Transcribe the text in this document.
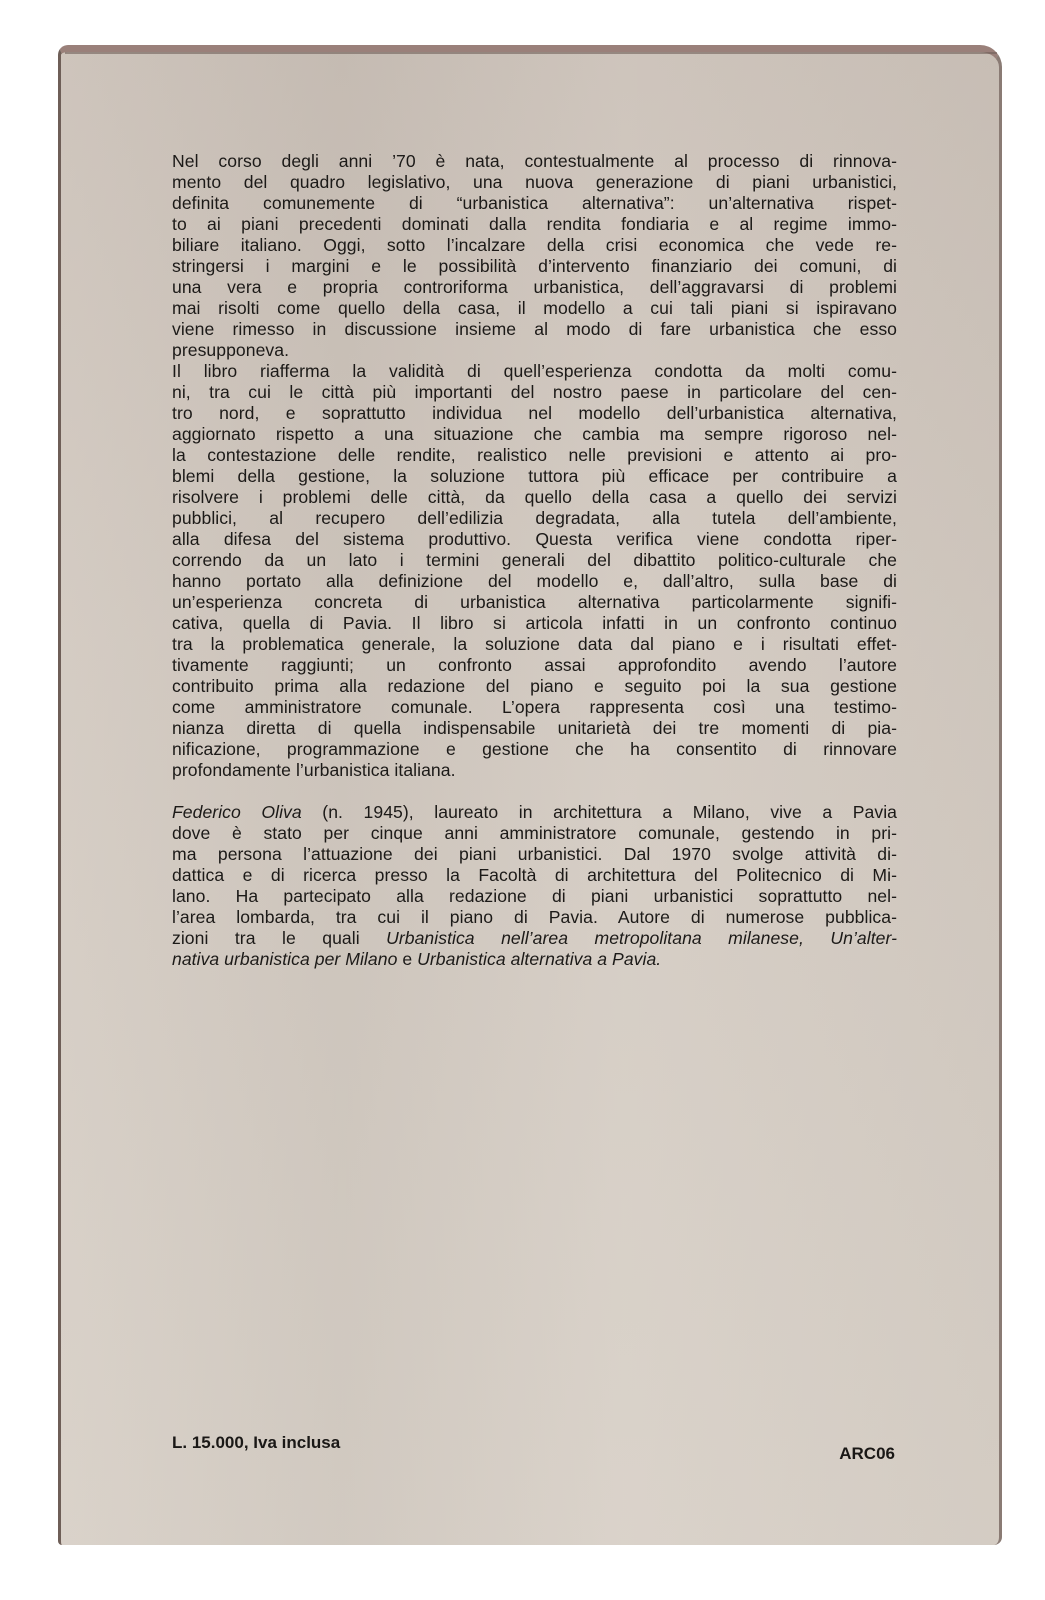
Nel corso degli anni ’70 è nata, contestualmente al processo di rinnova-
mento del quadro legislativo, una nuova generazione di piani urbanistici,
definita comunemente di “urbanistica alternativa”: un’alternativa rispet-
to ai piani precedenti dominati dalla rendita fondiaria e al regime immo-
biliare italiano. Oggi, sotto l’incalzare della crisi economica che vede re-
stringersi i margini e le possibilità d’intervento finanziario dei comuni, di
una vera e propria controriforma urbanistica, dell’aggravarsi di problemi
mai risolti come quello della casa, il modello a cui tali piani si ispiravano
viene rimesso in discussione insieme al modo di fare urbanistica che esso
presupponeva.
Il libro riafferma la validità di quell’esperienza condotta da molti comu-
ni, tra cui le città più importanti del nostro paese in particolare del cen-
tro nord, e soprattutto individua nel modello dell’urbanistica alternativa,
aggiornato rispetto a una situazione che cambia ma sempre rigoroso nel-
la contestazione delle rendite, realistico nelle previsioni e attento ai pro-
blemi della gestione, la soluzione tuttora più efficace per contribuire a
risolvere i problemi delle città, da quello della casa a quello dei servizi
pubblici, al recupero dell’edilizia degradata, alla tutela dell’ambiente,
alla difesa del sistema produttivo. Questa verifica viene condotta riper-
correndo da un lato i termini generali del dibattito politico-culturale che
hanno portato alla definizione del modello e, dall’altro, sulla base di
un’esperienza concreta di urbanistica alternativa particolarmente signifi-
cativa, quella di Pavia. Il libro si articola infatti in un confronto continuo
tra la problematica generale, la soluzione data dal piano e i risultati effet-
tivamente raggiunti; un confronto assai approfondito avendo l’autore
contribuito prima alla redazione del piano e seguito poi la sua gestione
come amministratore comunale. L’opera rappresenta così una testimo-
nianza diretta di quella indispensabile unitarietà dei tre momenti di pia-
nificazione, programmazione e gestione che ha consentito di rinnovare
profondamente l’urbanistica italiana.
Federico Oliva (n. 1945), laureato in architettura a Milano, vive a Pavia
dove è stato per cinque anni amministratore comunale, gestendo in pri-
ma persona l’attuazione dei piani urbanistici. Dal 1970 svolge attività di-
dattica e di ricerca presso la Facoltà di architettura del Politecnico di Mi-
lano. Ha partecipato alla redazione di piani urbanistici soprattutto nel-
l’area lombarda, tra cui il piano di Pavia. Autore di numerose pubblica-
zioni tra le quali Urbanistica nell’area metropolitana milanese, Un’alter-
nativa urbanistica per Milano e Urbanistica alternativa a Pavia.
L. 15.000, Iva inclusa
ARC06
